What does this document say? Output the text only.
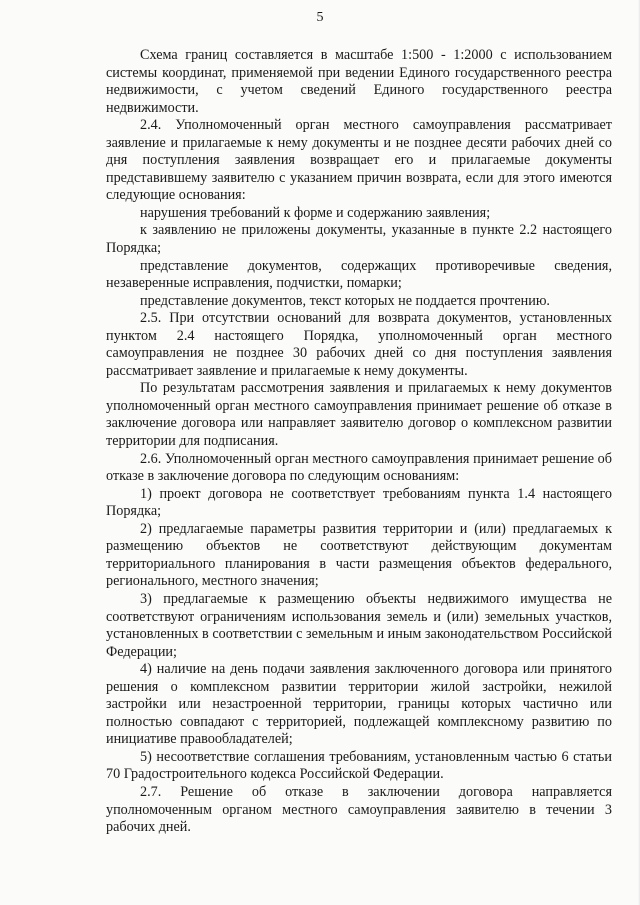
5

Схема границ составляется в масштабе 1:500 - 1:2000 с использованием системы координат, применяемой при ведении Единого государственного реестра недвижимости, с учетом сведений Единого государственного реестра недвижимости.

2.4. Уполномоченный орган местного самоуправления рассматривает заявление и прилагаемые к нему документы и не позднее десяти рабочих дней со дня поступления заявления возвращает его и прилагаемые документы представившему заявителю с указанием причин возврата, если для этого имеются следующие основания:

нарушения требований к форме и содержанию заявления;

к заявлению не приложены документы, указанные в пункте 2.2 настоящего Порядка;

представление документов, содержащих противоречивые сведения, незаверенные исправления, подчистки, помарки;

представление документов, текст которых не поддается прочтению.

2.5. При отсутствии оснований для возврата документов, установленных пунктом 2.4 настоящего Порядка, уполномоченный орган местного самоуправления не позднее 30 рабочих дней со дня поступления заявления рассматривает заявление и прилагаемые к нему документы.

По результатам рассмотрения заявления и прилагаемых к нему документов уполномоченный орган местного самоуправления принимает решение об отказе в заключение договора или направляет заявителю договор о комплексном развитии территории для подписания.

2.6. Уполномоченный орган местного самоуправления принимает решение об отказе в заключение договора по следующим основаниям:

1) проект договора не соответствует требованиям пункта 1.4 настоящего Порядка;

2) предлагаемые параметры развития территории и (или) предлагаемых к размещению объектов не соответствуют действующим документам территориального планирования в части размещения объектов федерального, регионального, местного значения;

3) предлагаемые к размещению объекты недвижимого имущества не соответствуют ограничениям использования земель и (или) земельных участков, установленных в соответствии с земельным и иным законодательством Российской Федерации;

4) наличие на день подачи заявления заключенного договора или принятого решения о комплексном развитии территории жилой застройки, нежилой застройки или незастроенной территории, границы которых частично или полностью совпадают с территорией, подлежащей комплексному развитию по инициативе правообладателей;

5) несоответствие соглашения требованиям, установленным частью 6 статьи 70 Градостроительного кодекса Российской Федерации.

2.7. Решение об отказе в заключении договора направляется уполномоченным органом местного самоуправления заявителю в течении 3 рабочих дней.
